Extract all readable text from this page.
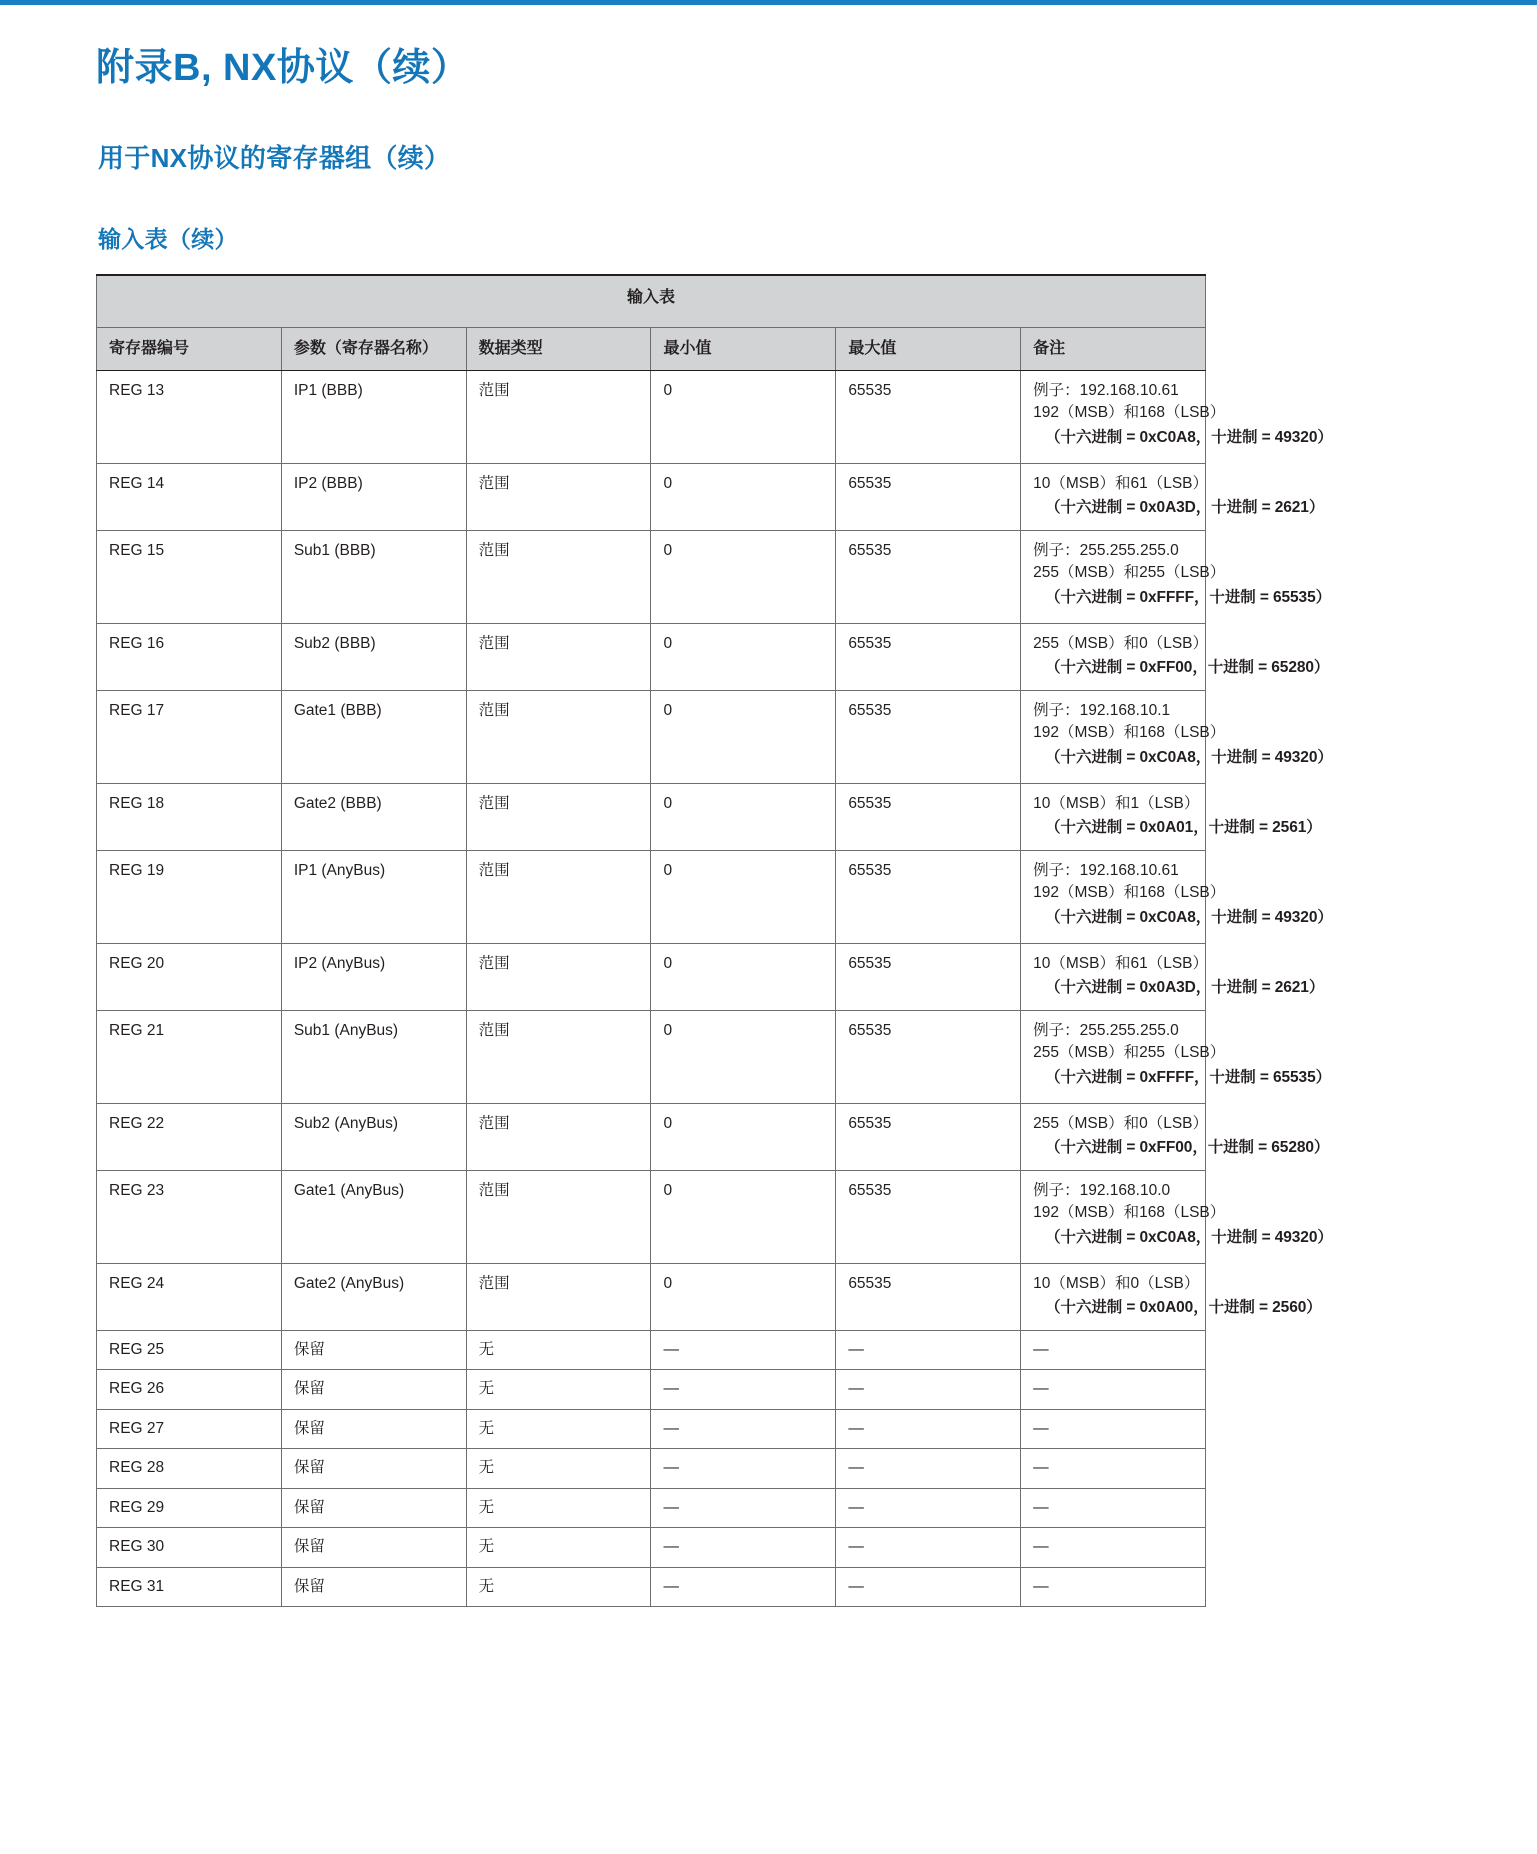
附录B, NX协议（续）
用于NX协议的寄存器组（续）
输入表（续）
输入表					
寄存器编号	参数（寄存器名称）	数据类型	最小值	最大值	备注
REG 13	IP1 (BBB)	范围	0	65535	例子：192.168.10.61
192（MSB）和168（LSB）
（十六进制 = 0xC0A8，十进制 = 49320）

REG 14	IP2 (BBB)	范围	0	65535	10（MSB）和61（LSB）
（十六进制 = 0x0A3D，十进制 = 2621）

REG 15	Sub1 (BBB)	范围	0	65535	例子：255.255.255.0
255（MSB）和255（LSB）
（十六进制 = 0xFFFF，十进制 = 65535）

REG 16	Sub2 (BBB)	范围	0	65535	255（MSB）和0（LSB）
（十六进制 = 0xFF00，十进制 = 65280）

REG 17	Gate1 (BBB)	范围	0	65535	例子：192.168.10.1
192（MSB）和168（LSB）
（十六进制 = 0xC0A8，十进制 = 49320）

REG 18	Gate2 (BBB)	范围	0	65535	10（MSB）和1（LSB）
（十六进制 = 0x0A01，十进制 = 2561）

REG 19	IP1 (AnyBus)	范围	0	65535	例子：192.168.10.61
192（MSB）和168（LSB）
（十六进制 = 0xC0A8，十进制 = 49320）

REG 20	IP2 (AnyBus)	范围	0	65535	10（MSB）和61（LSB）
（十六进制 = 0x0A3D，十进制 = 2621）

REG 21	Sub1 (AnyBus)	范围	0	65535	例子：255.255.255.0
255（MSB）和255（LSB）
（十六进制 = 0xFFFF，十进制 = 65535）

REG 22	Sub2 (AnyBus)	范围	0	65535	255（MSB）和0（LSB）
（十六进制 = 0xFF00，十进制 = 65280）

REG 23	Gate1 (AnyBus)	范围	0	65535	例子：192.168.10.0
192（MSB）和168（LSB）
（十六进制 = 0xC0A8，十进制 = 49320）

REG 24	Gate2 (AnyBus)	范围	0	65535	10（MSB）和0（LSB）
（十六进制 = 0x0A00，十进制 = 2560）

REG 25	保留	无	—	—	—

REG 26	保留	无	—	—	—

REG 27	保留	无	—	—	—

REG 28	保留	无	—	—	—

REG 29	保留	无	—	—	—

REG 30	保留	无	—	—	—

REG 31	保留	无	—	—	—
